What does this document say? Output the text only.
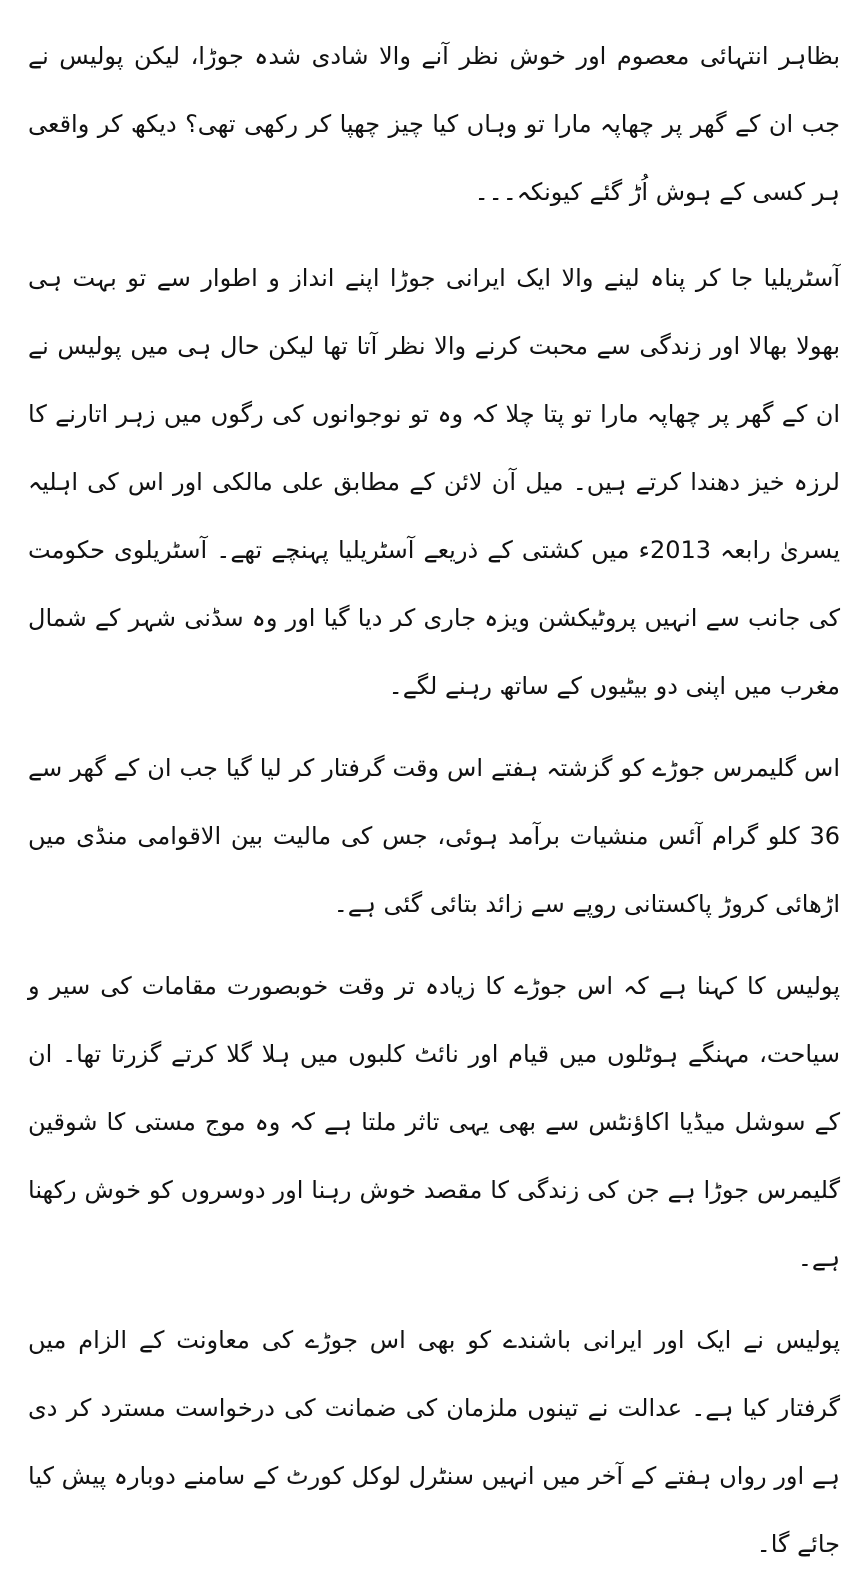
بظاہر انتہائی معصوم اور خوش نظر آنے والا شادی شدہ جوڑا، لیکن پولیس نے جب ان کے گھر پر چھاپہ مارا تو وہاں کیا چیز چھپا کر رکھی تھی؟ دیکھ کر واقعی ہر کسی کے ہوش اُڑ گئے کیونکہ۔۔۔

آسٹریلیا جا کر پناہ لینے والا ایک ایرانی جوڑا اپنے انداز و اطوار سے تو بہت ہی بھولا بھالا اور زندگی سے محبت کرنے والا نظر آتا تھا لیکن حال ہی میں پولیس نے ان کے گھر پر چھاپہ مارا تو پتا چلا کہ وہ تو نوجوانوں کی رگوں میں زہر اتارنے کا لرزہ خیز دھندا کرتے ہیں۔ میل آن لائن کے مطابق علی مالکی اور اس کی اہلیہ یسریٰ رابعہ 2013ء میں کشتی کے ذریعے آسٹریلیا پہنچے تھے۔ آسٹریلوی حکومت کی جانب سے انہیں پروٹیکشن ویزہ جاری کر دیا گیا اور وہ سڈنی شہر کے شمال مغرب میں اپنی دو بیٹیوں کے ساتھ رہنے لگے۔

اس گلیمرس جوڑے کو گزشتہ ہفتے اس وقت گرفتار کر لیا گیا جب ان کے گھر سے 36 کلو گرام آئس منشیات برآمد ہوئی، جس کی مالیت بین الاقوامی منڈی میں اڑھائی کروڑ پاکستانی روپے سے زائد بتائی گئی ہے۔

پولیس کا کہنا ہے کہ اس جوڑے کا زیادہ تر وقت خوبصورت مقامات کی سیر و سیاحت، مہنگے ہوٹلوں میں قیام اور نائٹ کلبوں میں ہلا گلا کرتے گزرتا تھا۔ ان کے سوشل میڈیا اکاؤنٹس سے بھی یہی تاثر ملتا ہے کہ وہ موج مستی کا شوقین گلیمرس جوڑا ہے جن کی زندگی کا مقصد خوش رہنا اور دوسروں کو خوش رکھنا ہے۔

پولیس نے ایک اور ایرانی باشندے کو بھی اس جوڑے کی معاونت کے الزام میں گرفتار کیا ہے۔ عدالت نے تینوں ملزمان کی ضمانت کی درخواست مسترد کر دی ہے اور رواں ہفتے کے آخر میں انہیں سنٹرل لوکل کورٹ کے سامنے دوبارہ پیش کیا جائے گا۔
